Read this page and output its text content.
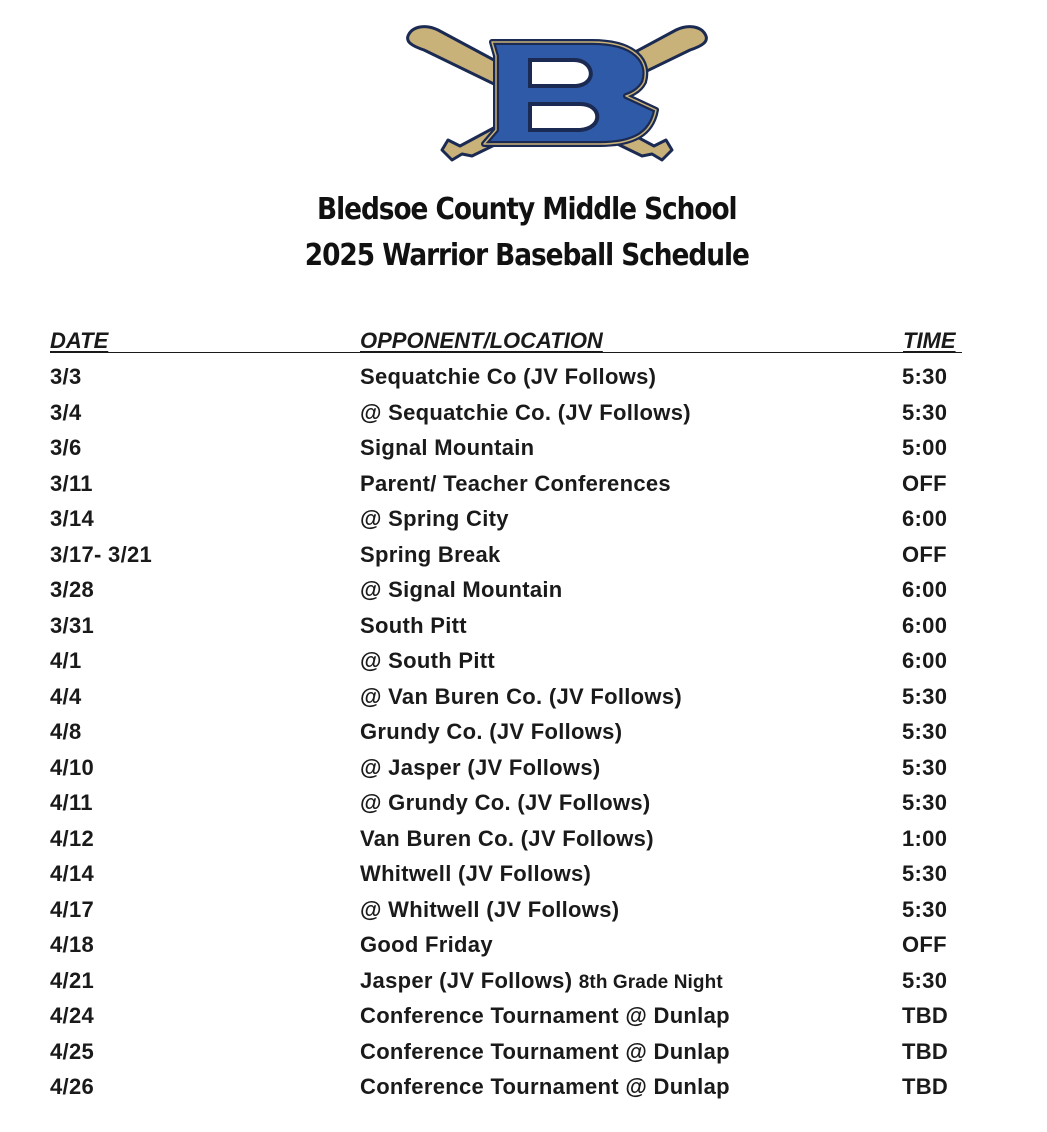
Bledsoe County Middle School
2025 Warrior Baseball Schedule
DATE	OPPONENT/LOCATION	TIME
3/3	Sequatchie Co (JV Follows)	5:30
3/4	@ Sequatchie Co. (JV Follows)	5:30
3/6	Signal Mountain	5:00
3/11	Parent/ Teacher Conferences	OFF
3/14	@ Spring City	6:00
3/17- 3/21	Spring Break	OFF
3/28	@ Signal Mountain	6:00
3/31	South Pitt	6:00
4/1	@ South Pitt	6:00
4/4	@ Van Buren Co. (JV Follows)	5:30
4/8	Grundy Co. (JV Follows)	5:30
4/10	@ Jasper (JV Follows)	5:30
4/11	@ Grundy Co. (JV Follows)	5:30
4/12	Van Buren Co. (JV Follows)	1:00
4/14	Whitwell (JV Follows)	5:30
4/17	@ Whitwell (JV Follows)	5:30
4/18	Good Friday	OFF
4/21	Jasper (JV Follows) 8th Grade Night	5:30
4/24	Conference Tournament @ Dunlap	TBD
4/25	Conference Tournament @ Dunlap	TBD
4/26	Conference Tournament @ Dunlap	TBD
